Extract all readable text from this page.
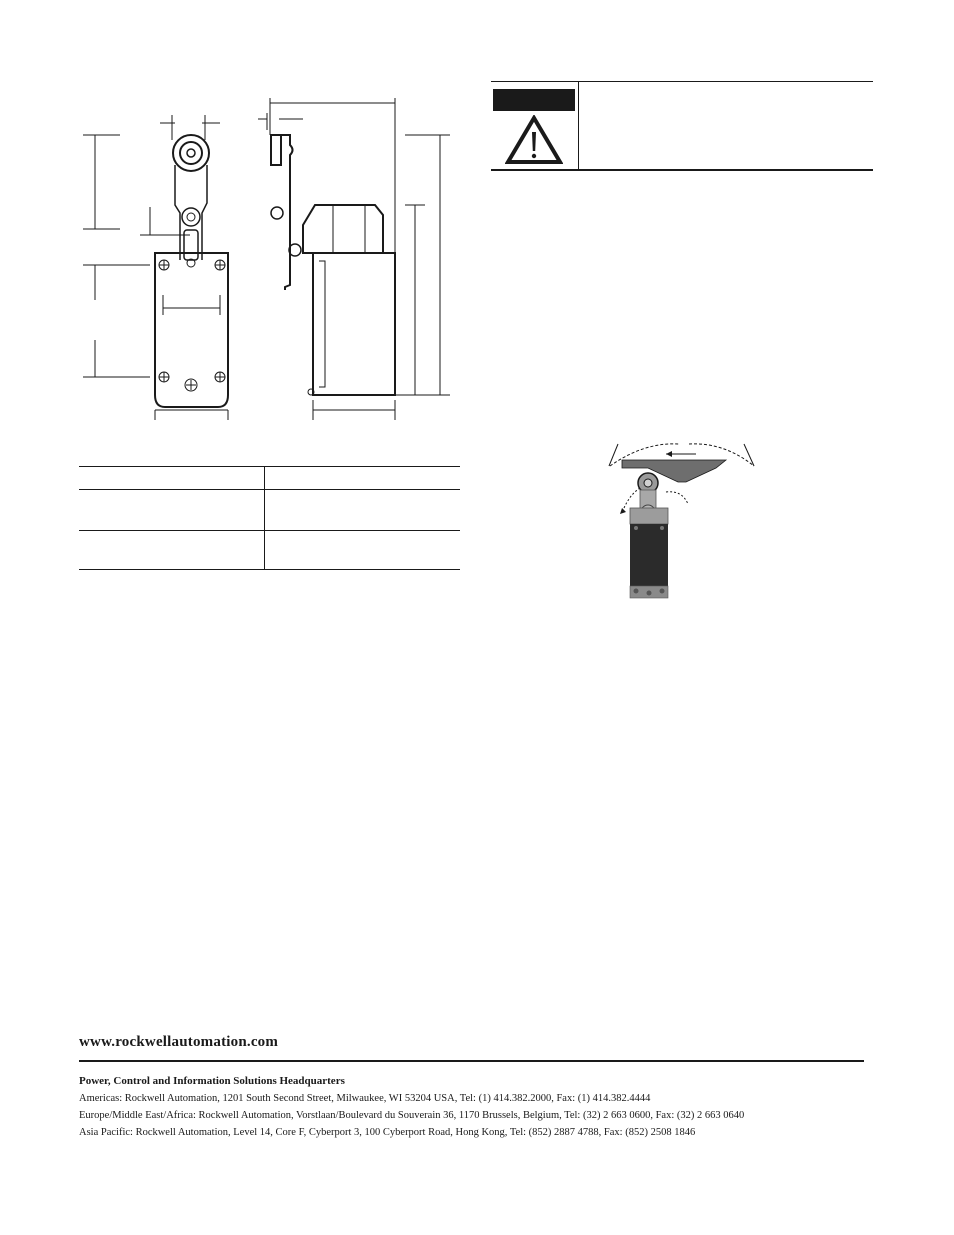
www.rockwellautomation.com
Power, Control and Information Solutions Headquarters
Americas: Rockwell Automation, 1201 South Second Street, Milwaukee, WI 53204 USA, Tel: (1) 414.382.2000, Fax: (1) 414.382.4444
Europe/Middle East/Africa: Rockwell Automation, Vorstlaan/Boulevard du Souverain 36, 1170 Brussels, Belgium, Tel: (32) 2 663 0600, Fax: (32) 2 663 0640
Asia Pacific: Rockwell Automation, Level 14, Core F, Cyberport 3, 100 Cyberport Road, Hong Kong, Tel: (852) 2887 4788, Fax: (852) 2508 1846
